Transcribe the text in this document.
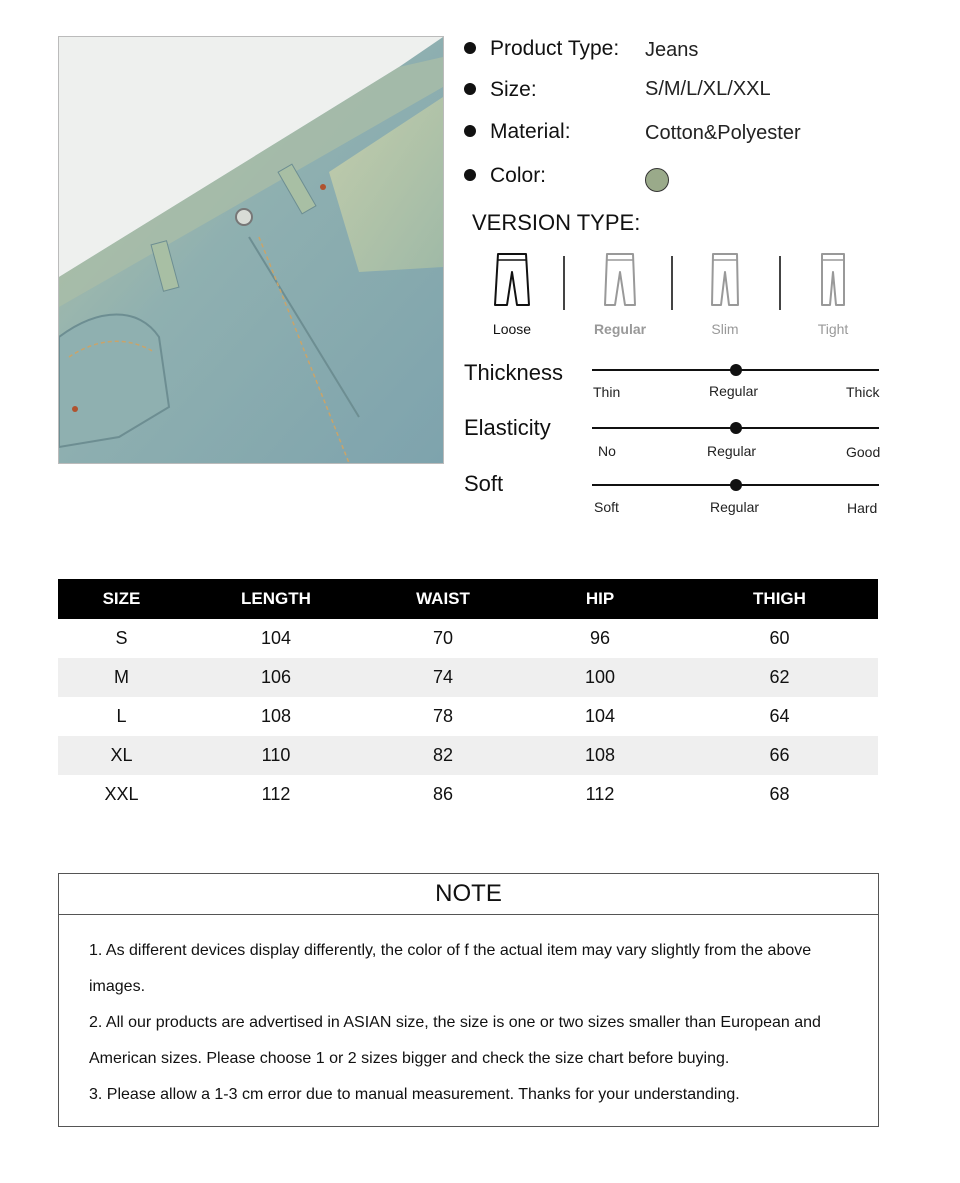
Product Type: Jeans
Size:	S/M/L/XL/XXL
Material:	Cotton&Polyester
Color:
VERSION TYPE:
Loose	Regular	Slim	Tight
Thickness
Thin	Regular	Thick
Elasticity
No	Regular	Good
Soft
Soft	Regular	Hard
SIZE	LENGTH	WAIST	HIP	THIGH
S	104	70	96	60
M	106	74	100	62
L	108	78	104	64
XL	110	82	108	66
XXL	112	86	112	68
NOTE

1. As different devices display differently, the color of f the actual item may vary slightly from the above images.

2. All our products are advertised in ASIAN size, the size is one or two sizes smaller than European and American sizes. Please choose 1 or 2 sizes bigger and check the size chart before buying.

3. Please allow a 1-3 cm error due to manual measurement. Thanks for your understanding.
